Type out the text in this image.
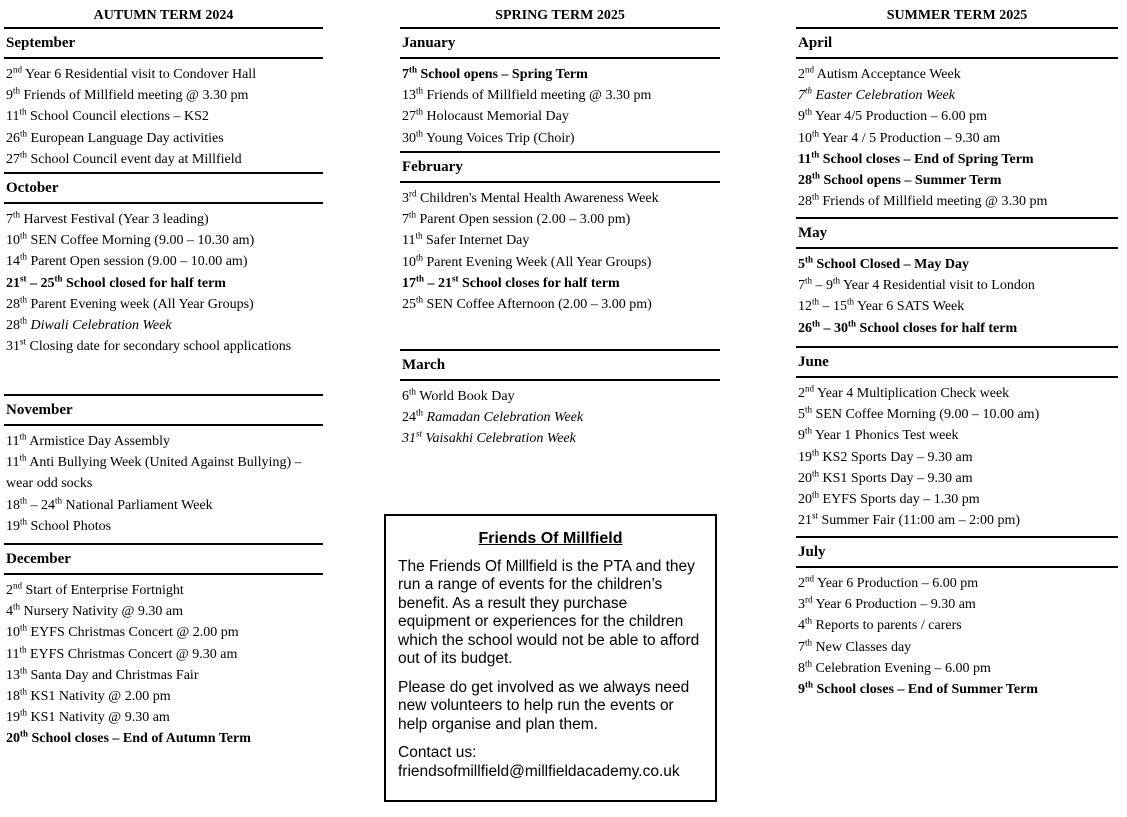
AUTUMN TERM 2024
September
2nd Year 6 Residential visit to Condover Hall
9th Friends of Millfield meeting @ 3.30 pm
11th School Council elections – KS2
26th European Language Day activities
27th School Council event day at Millfield
October
7th Harvest Festival (Year 3 leading)
10th SEN Coffee Morning (9.00 – 10.30 am)
14th Parent Open session (9.00 – 10.00 am)
21st – 25th School closed for half term
28th Parent Evening week (All Year Groups)
28th Diwali Celebration Week
31st Closing date for secondary school applications
November
11th Armistice Day Assembly
11th Anti Bullying Week (United Against Bullying) – wear odd socks
18th – 24th National Parliament Week
19th School Photos
December
2nd Start of Enterprise Fortnight
4th Nursery Nativity @ 9.30 am
10th EYFS Christmas Concert @ 2.00 pm
11th EYFS Christmas Concert @ 9.30 am
13th Santa Day and Christmas Fair
18th KS1 Nativity @ 2.00 pm
19th KS1 Nativity @ 9.30 am
20th School closes – End of Autumn Term
SPRING TERM 2025
January
7th School opens – Spring Term
13th Friends of Millfield meeting @ 3.30 pm
27th Holocaust Memorial Day
30th Young Voices Trip (Choir)
February
3rd Children's Mental Health Awareness Week
7th Parent Open session (2.00 – 3.00 pm)
11th Safer Internet Day
10th Parent Evening Week (All Year Groups)
17th – 21st School closes for half term
25th SEN Coffee Afternoon (2.00 – 3.00 pm)
March
6th World Book Day
24th Ramadan Celebration Week
31st Vaisakhi Celebration Week
SUMMER TERM 2025
April
2nd Autism Acceptance Week
7th Easter Celebration Week
9th Year 4/5 Production – 6.00 pm
10th Year 4 / 5 Production – 9.30 am
11th School closes – End of Spring Term
28th School opens – Summer Term
28th Friends of Millfield meeting @ 3.30 pm
May
5th School Closed – May Day
7th – 9th Year 4 Residential visit to London
12th – 15th Year 6 SATS Week
26th – 30th School closes for half term
June
2nd Year 4 Multiplication Check week
5th SEN Coffee Morning (9.00 – 10.00 am)
9th Year 1 Phonics Test week
19th KS2 Sports Day – 9.30 am
20th KS1 Sports Day – 9.30 am
20th EYFS Sports day – 1.30 pm
21st Summer Fair (11:00 am – 2:00 pm)
July
2nd Year 6 Production – 6.00 pm
3rd Year 6 Production – 9.30 am
4th Reports to parents / carers
7th New Classes day
8th Celebration Evening – 6.00 pm
9th School closes – End of Summer Term
Friends Of Millfield

The Friends Of Millfield is the PTA and they run a range of events for the children’s benefit. As a result they purchase equipment or experiences for the children which the school would not be able to afford out of its budget.

Please do get involved as we always need new volunteers to help run the events or help organise and plan them.

Contact us:
friendsofmillfield@millfieldacademy.co.uk
